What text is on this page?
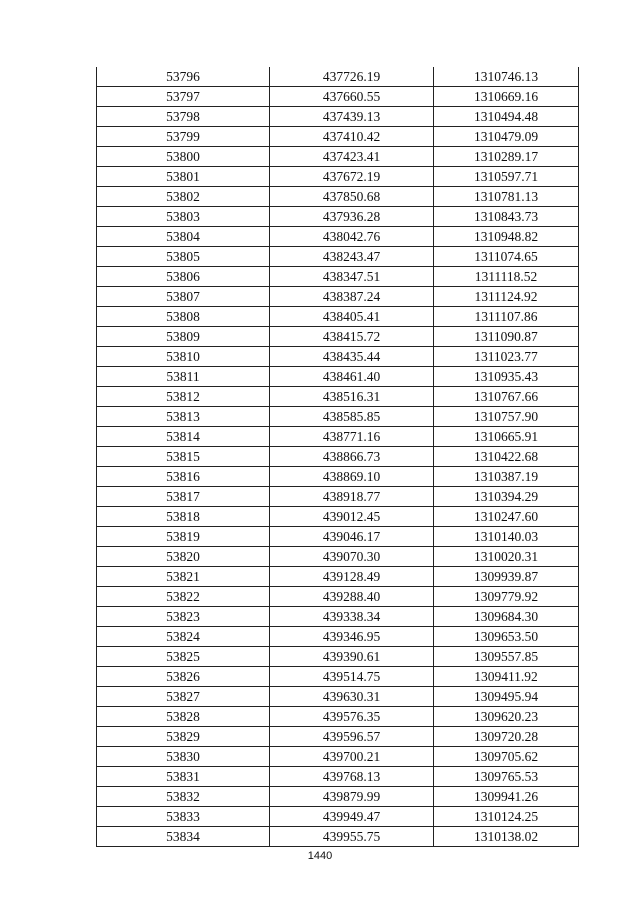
53796	437726.19	1310746.13
53797	437660.55	1310669.16
53798	437439.13	1310494.48
53799	437410.42	1310479.09
53800	437423.41	1310289.17
53801	437672.19	1310597.71
53802	437850.68	1310781.13
53803	437936.28	1310843.73
53804	438042.76	1310948.82
53805	438243.47	1311074.65
53806	438347.51	1311118.52
53807	438387.24	1311124.92
53808	438405.41	1311107.86
53809	438415.72	1311090.87
53810	438435.44	1311023.77
53811	438461.40	1310935.43
53812	438516.31	1310767.66
53813	438585.85	1310757.90
53814	438771.16	1310665.91
53815	438866.73	1310422.68
53816	438869.10	1310387.19
53817	438918.77	1310394.29
53818	439012.45	1310247.60
53819	439046.17	1310140.03
53820	439070.30	1310020.31
53821	439128.49	1309939.87
53822	439288.40	1309779.92
53823	439338.34	1309684.30
53824	439346.95	1309653.50
53825	439390.61	1309557.85
53826	439514.75	1309411.92
53827	439630.31	1309495.94
53828	439576.35	1309620.23
53829	439596.57	1309720.28
53830	439700.21	1309705.62
53831	439768.13	1309765.53
53832	439879.99	1309941.26
53833	439949.47	1310124.25
53834	439955.75	1310138.02
1440
